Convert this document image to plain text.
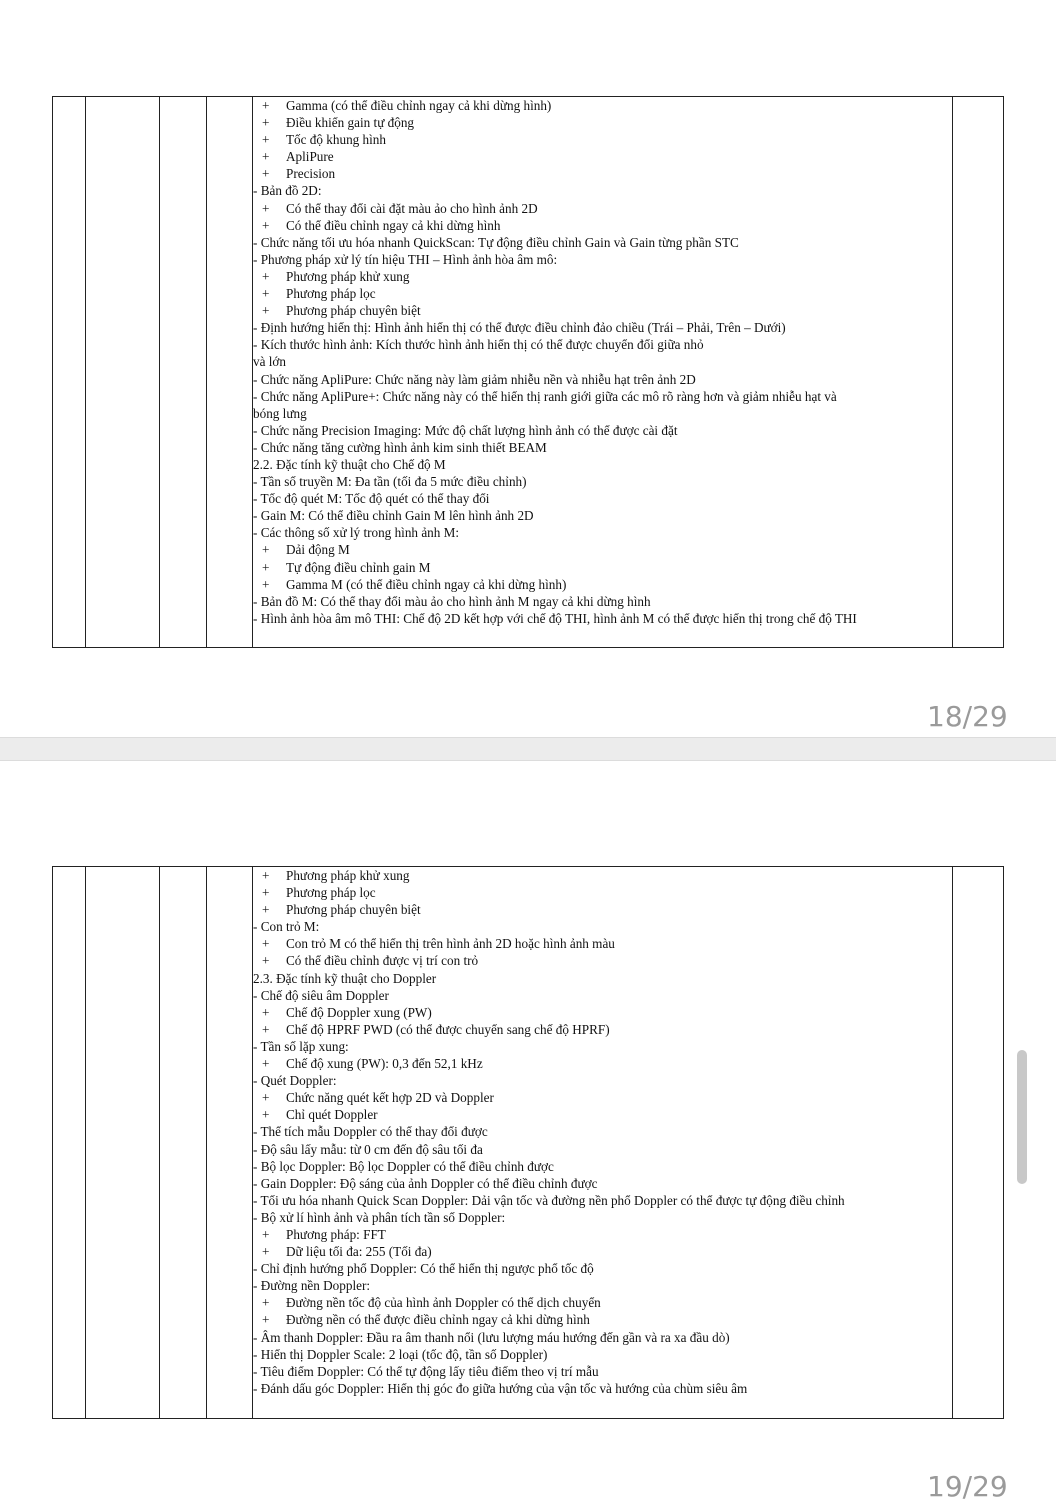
+ Gamma (có thể điều chỉnh ngay cả khi dừng hình)
+ Điều khiển gain tự động
+ Tốc độ khung hình
+ ApliPure
+ Precision
- Bản đồ 2D:
+ Có thể thay đổi cài đặt màu ảo cho hình ảnh 2D
+ Có thể điều chỉnh ngay cả khi dừng hình
- Chức năng tối ưu hóa nhanh QuickScan: Tự động điều chỉnh Gain và Gain từng phần STC
- Phương pháp xử lý tín hiệu THI – Hình ảnh hòa âm mô:
+ Phương pháp khử xung
+ Phương pháp lọc
+ Phương pháp chuyên biệt
- Định hướng hiển thị: Hình ảnh hiển thị có thể được điều chỉnh đảo chiều (Trái – Phải, Trên – Dưới)
- Kích thước hình ảnh: Kích thước hình ảnh hiển thị có thể được chuyển đổi giữa nhỏ
và lớn
- Chức năng ApliPure: Chức năng này làm giảm nhiễu nền và nhiễu hạt trên ảnh 2D
- Chức năng ApliPure+: Chức năng này có thể hiển thị ranh giới giữa các mô rõ ràng hơn và giảm nhiễu hạt và
bóng lưng
- Chức năng Precision Imaging: Mức độ chất lượng hình ảnh có thể được cài đặt
- Chức năng tăng cường hình ảnh kim sinh thiết BEAM
2.2. Đặc tính kỹ thuật cho Chế độ M
- Tần số truyền M: Đa tần (tối đa 5 mức điều chỉnh)
- Tốc độ quét M: Tốc độ quét có thể thay đổi
- Gain M: Có thể điều chỉnh Gain M lên hình ảnh 2D
- Các thông số xử lý trong hình ảnh M:
+ Dải động M
+ Tự động điều chỉnh gain M
+ Gamma M (có thể điều chỉnh ngay cả khi dừng hình)
- Bản đồ M: Có thể thay đổi màu ảo cho hình ảnh M ngay cả khi dừng hình
- Hình ảnh hòa âm mô THI: Chế độ 2D kết hợp với chế độ THI, hình ảnh M có thể được hiển thị trong chế độ THI
18/29
+ Phương pháp khử xung
+ Phương pháp lọc
+ Phương pháp chuyên biệt
- Con trỏ M:
+ Con trỏ M có thể hiển thị trên hình ảnh 2D hoặc hình ảnh màu
+ Có thể điều chỉnh được vị trí con trỏ
2.3. Đặc tính kỹ thuật cho Doppler
- Chế độ siêu âm Doppler
+ Chế độ Doppler xung (PW)
+ Chế độ HPRF PWD (có thể được chuyển sang chế độ HPRF)
- Tần số lặp xung:
+ Chế độ xung (PW): 0,3 đến 52,1 kHz
- Quét Doppler:
+ Chức năng quét kết hợp 2D và Doppler
+ Chỉ quét Doppler
- Thể tích mẫu Doppler có thể thay đổi được
- Độ sâu lấy mẫu: từ 0 cm đến độ sâu tối đa
- Bộ lọc Doppler: Bộ lọc Doppler có thể điều chỉnh được
- Gain Doppler: Độ sáng của ảnh Doppler có thể điều chỉnh được
- Tối ưu hóa nhanh Quick Scan Doppler: Dải vận tốc và đường nền phổ Doppler có thể được tự động điều chỉnh
- Bộ xử lí hình ảnh và phân tích tần số Doppler:
+ Phương pháp: FFT
+ Dữ liệu tối đa: 255 (Tối đa)
- Chỉ định hướng phổ Doppler: Có thể hiển thị ngược phổ tốc độ
- Đường nền Doppler:
+ Đường nền tốc độ của hình ảnh Doppler có thể dịch chuyển
+ Đường nền có thể được điều chỉnh ngay cả khi dừng hình
- Âm thanh Doppler: Đầu ra âm thanh nổi (lưu lượng máu hướng đến gần và ra xa đầu dò)
- Hiển thị Doppler Scale: 2 loại (tốc độ, tần số Doppler)
- Tiêu điểm Doppler: Có thể tự động lấy tiêu điểm theo vị trí mẫu
- Đánh dấu góc Doppler: Hiển thị góc đo giữa hướng của vận tốc và hướng của chùm siêu âm
19/29
